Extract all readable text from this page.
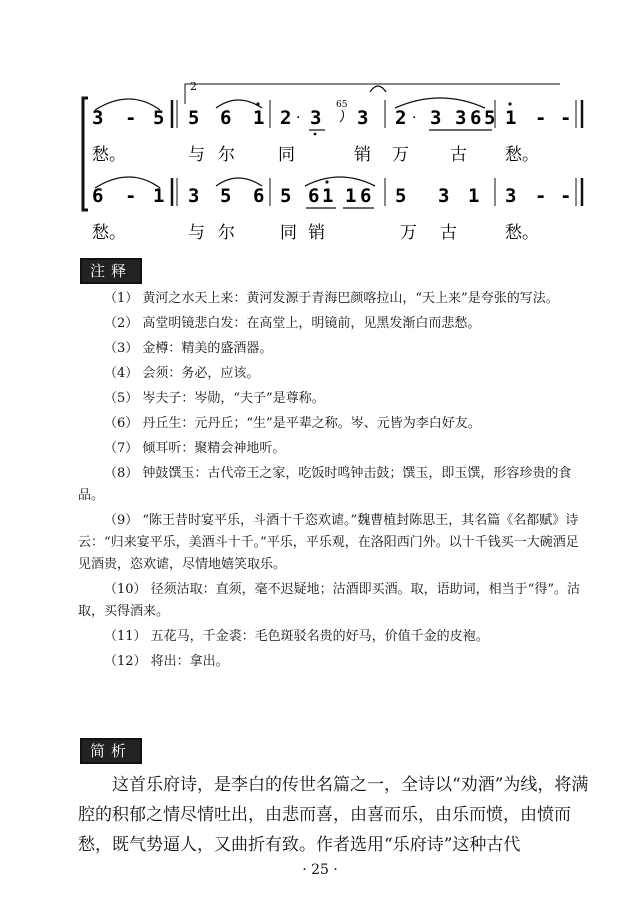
2
3 - 5 5 6 1 2 3 3 2 3 3 6 5 1 - -
·	·
65
愁。	与 尔	同	销 万 古 愁。
6 - 1 3 5 6 5 6 1 1 6 5 3 1 3 - -
愁。	与 尔	同 销	万 古	愁。
注释

（1） 黄河之水天上来：黄河发源于青海巴颜喀拉山，“天上来”是夸张的写法。

（2） 高堂明镜悲白发：在高堂上，明镜前，见黑发渐白而悲愁。

（3） 金樽：精美的盛酒器。

（4） 会须：务必，应该。

（5） 岑夫子：岑勋，“夫子”是尊称。

（6） 丹丘生：元丹丘；“生”是平辈之称。岑、元皆为李白好友。

（7） 倾耳听：聚精会神地听。

（8） 钟鼓馔玉：古代帝王之家，吃饭时鸣钟击鼓；馔玉，即玉馔，形容珍贵的食品。

（9） “陈王昔时宴平乐，斗酒十千恣欢谑。”魏曹植封陈思王，其名篇《名都赋》诗云：“归来宴平乐，美酒斗十千。”平乐，平乐观，在洛阳西门外。以十千钱买一大碗酒足见酒贵，恣欢谑，尽情地嬉笑取乐。

（10） 径须沽取：直须，毫不迟疑地；沽酒即买酒。取，语助词，相当于“得”。沽取，买得酒来。

（11） 五花马，千金裘：毛色斑驳名贵的好马，价值千金的皮袍。

（12） 将出：拿出。

简析

这首乐府诗，是李白的传世名篇之一，全诗以“劝酒”为线，将满腔的积郁之情尽情吐出，由悲而喜，由喜而乐，由乐而愤，由愤而愁，既气势逼人，又曲折有致。作者选用“乐府诗”这种古代

· 25 ·
